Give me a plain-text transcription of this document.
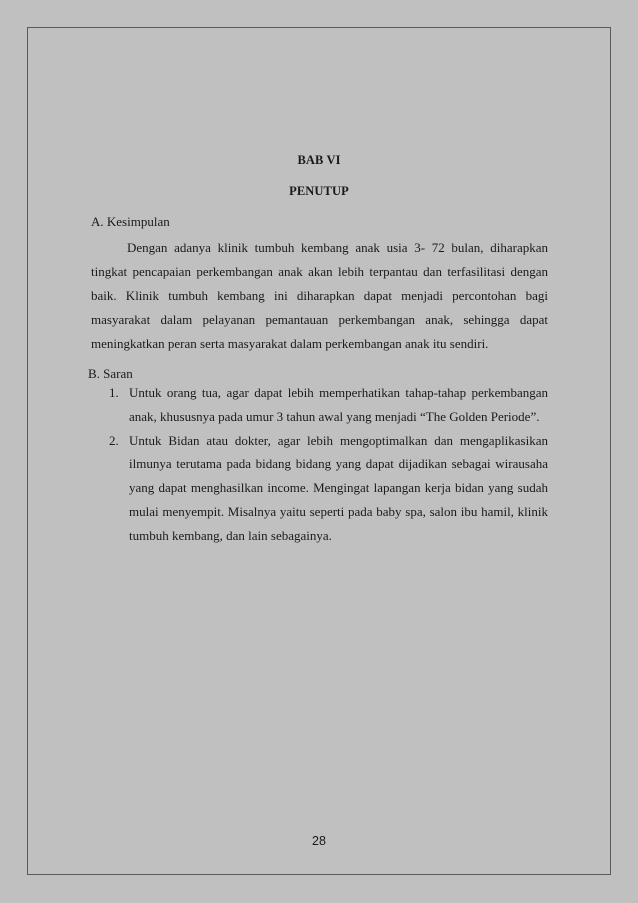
BAB VI
PENUTUP
A. Kesimpulan

Dengan adanya klinik tumbuh kembang anak usia 3- 72 bulan, diharapkan tingkat pencapaian perkembangan anak akan lebih terpantau dan terfasilitasi dengan baik. Klinik tumbuh kembang ini diharapkan dapat menjadi percontohan bagi masyarakat dalam pelayanan pemantauan perkembangan anak, sehingga dapat meningkatkan peran serta masyarakat dalam perkembangan anak itu sendiri.

B. Saran
1. Untuk orang tua, agar dapat lebih memperhatikan tahap-tahap perkembangan anak, khususnya pada umur 3 tahun awal yang menjadi “The Golden Periode”.
2. Untuk Bidan atau dokter, agar lebih mengoptimalkan dan mengaplikasikan ilmunya terutama pada bidang bidang yang dapat dijadikan sebagai wirausaha yang dapat menghasilkan income. Mengingat lapangan kerja bidan yang sudah mulai menyempit. Misalnya yaitu seperti pada baby spa, salon ibu hamil, klinik tumbuh kembang, dan lain sebagainya.
28
